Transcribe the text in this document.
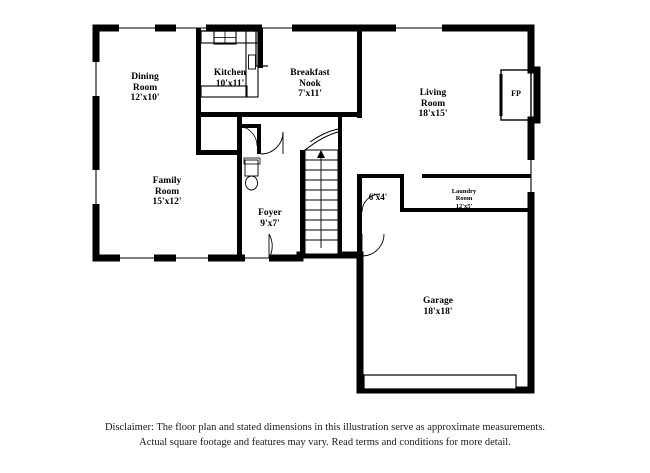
Dining
Room
12'x10'
Kitchen
10'x11'
Breakfast
Nook
7'x11'	Living
Room
18'x15'
Family
Room
15'x12'
Foyer
9'x7'
6'x4'
Laundry
Room
12'x5'
Garage
18'x18'
FP
Disclaimer: The floor plan and stated dimensions in this illustration serve as approximate measurements.
Actual square footage and features may vary. Read terms and conditions for more detail.
